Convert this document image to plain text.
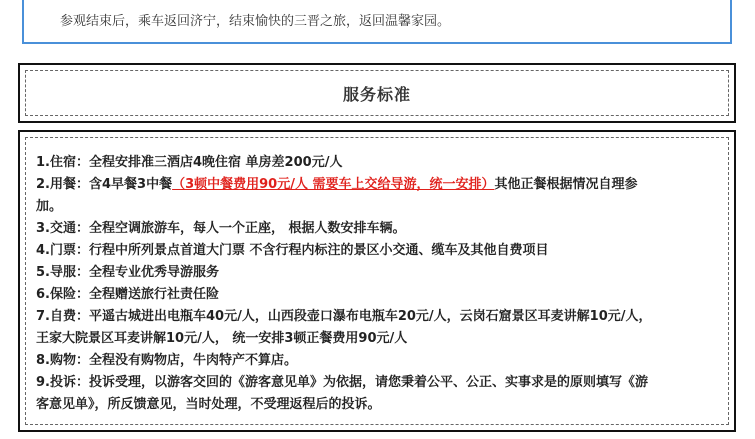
参观结束后，乘车返回济宁，结束愉快的三晋之旅，返回温馨家园。
服务标准
1.住宿：全程安排准三酒店4晚住宿 单房差200元/人
2.用餐：含4早餐3中餐（3顿中餐费用90元/人 需要车上交给导游，统一安排）其他正餐根据情况自理参
加。
3.交通：全程空调旅游车，每人一个正座， 根据人数安排车辆。
4.门票：行程中所列景点首道大门票 不含行程内标注的景区小交通、缆车及其他自费项目
5.导服：全程专业优秀导游服务
6.保险：全程赠送旅行社责任险
7.自费：平遥古城进出电瓶车40元/人，山西段壶口瀑布电瓶车20元/人，云岗石窟景区耳麦讲解10元/人，
王家大院景区耳麦讲解10元/人， 统一安排3顿正餐费用90元/人
8.购物：全程没有购物店，牛肉特产不算店。
9.投诉：投诉受理，以游客交回的《游客意见单》为依据，请您秉着公平、公正、实事求是的原则填写《游
客意见单》，所反馈意见，当时处理，不受理返程后的投诉。
